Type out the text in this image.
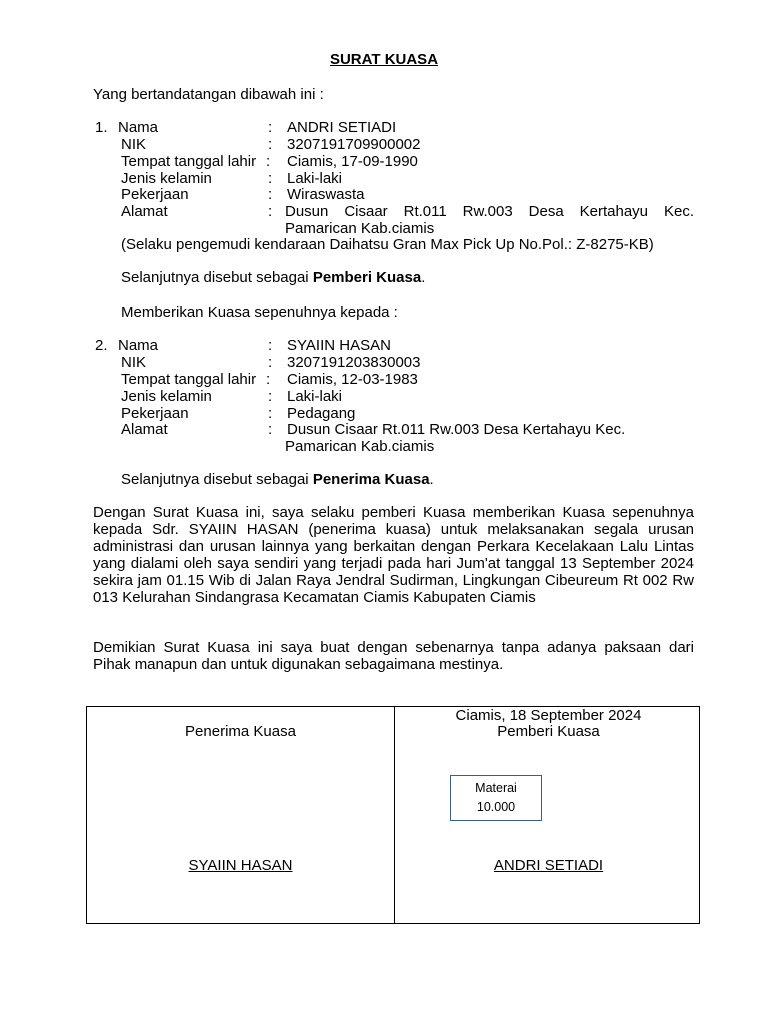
SURAT KUASA
Yang bertandatangan dibawah ini :
1. Nama	: ANDRI SETIADI
NIK	: 3207191709900002
Tempat tanggal lahir : Ciamis, 17-09-1990
Jenis kelamin	: Laki-laki
Pekerjaan	: Wiraswasta
Alamat	: Dusun Cisaar Rt.011 Rw.003 Desa Kertahayu Kec.
Pamarican Kab.ciamis
(Selaku pengemudi kendaraan Daihatsu Gran Max Pick Up No.Pol.: Z-8275-KB)
Selanjutnya disebut sebagai Pemberi Kuasa.
Memberikan Kuasa sepenuhnya kepada :
2. Nama	: SYAIIN HASAN
NIK	: 3207191203830003
Tempat tanggal lahir : Ciamis, 12-03-1983
Jenis kelamin	: Laki-laki
Pekerjaan	: Pedagang
Alamat	: Dusun Cisaar Rt.011 Rw.003 Desa Kertahayu Kec.
Pamarican Kab.ciamis
Selanjutnya disebut sebagai Penerima Kuasa.
Dengan Surat Kuasa ini, saya selaku pemberi Kuasa memberikan Kuasa sepenuhnya kepada Sdr. SYAIIN HASAN (penerima kuasa) untuk melaksanakan segala urusan administrasi dan urusan lainnya yang berkaitan dengan Perkara Kecelakaan Lalu Lintas yang dialami oleh saya sendiri yang terjadi pada hari Jum'at tanggal 13 September 2024 sekira jam 01.15 Wib di Jalan Raya Jendral Sudirman, Lingkungan Cibeureum Rt 002 Rw 013 Kelurahan Sindangrasa Kecamatan Ciamis Kabupaten Ciamis
Demikian Surat Kuasa ini saya buat dengan sebenarnya tanpa adanya paksaan dari Pihak manapun dan untuk digunakan sebagaimana mestinya.
Penerima Kuasa
SYAIIN HASAN
Ciamis, 18 September 2024
Pemberi Kuasa
Materai
10.000
ANDRI SETIADI
